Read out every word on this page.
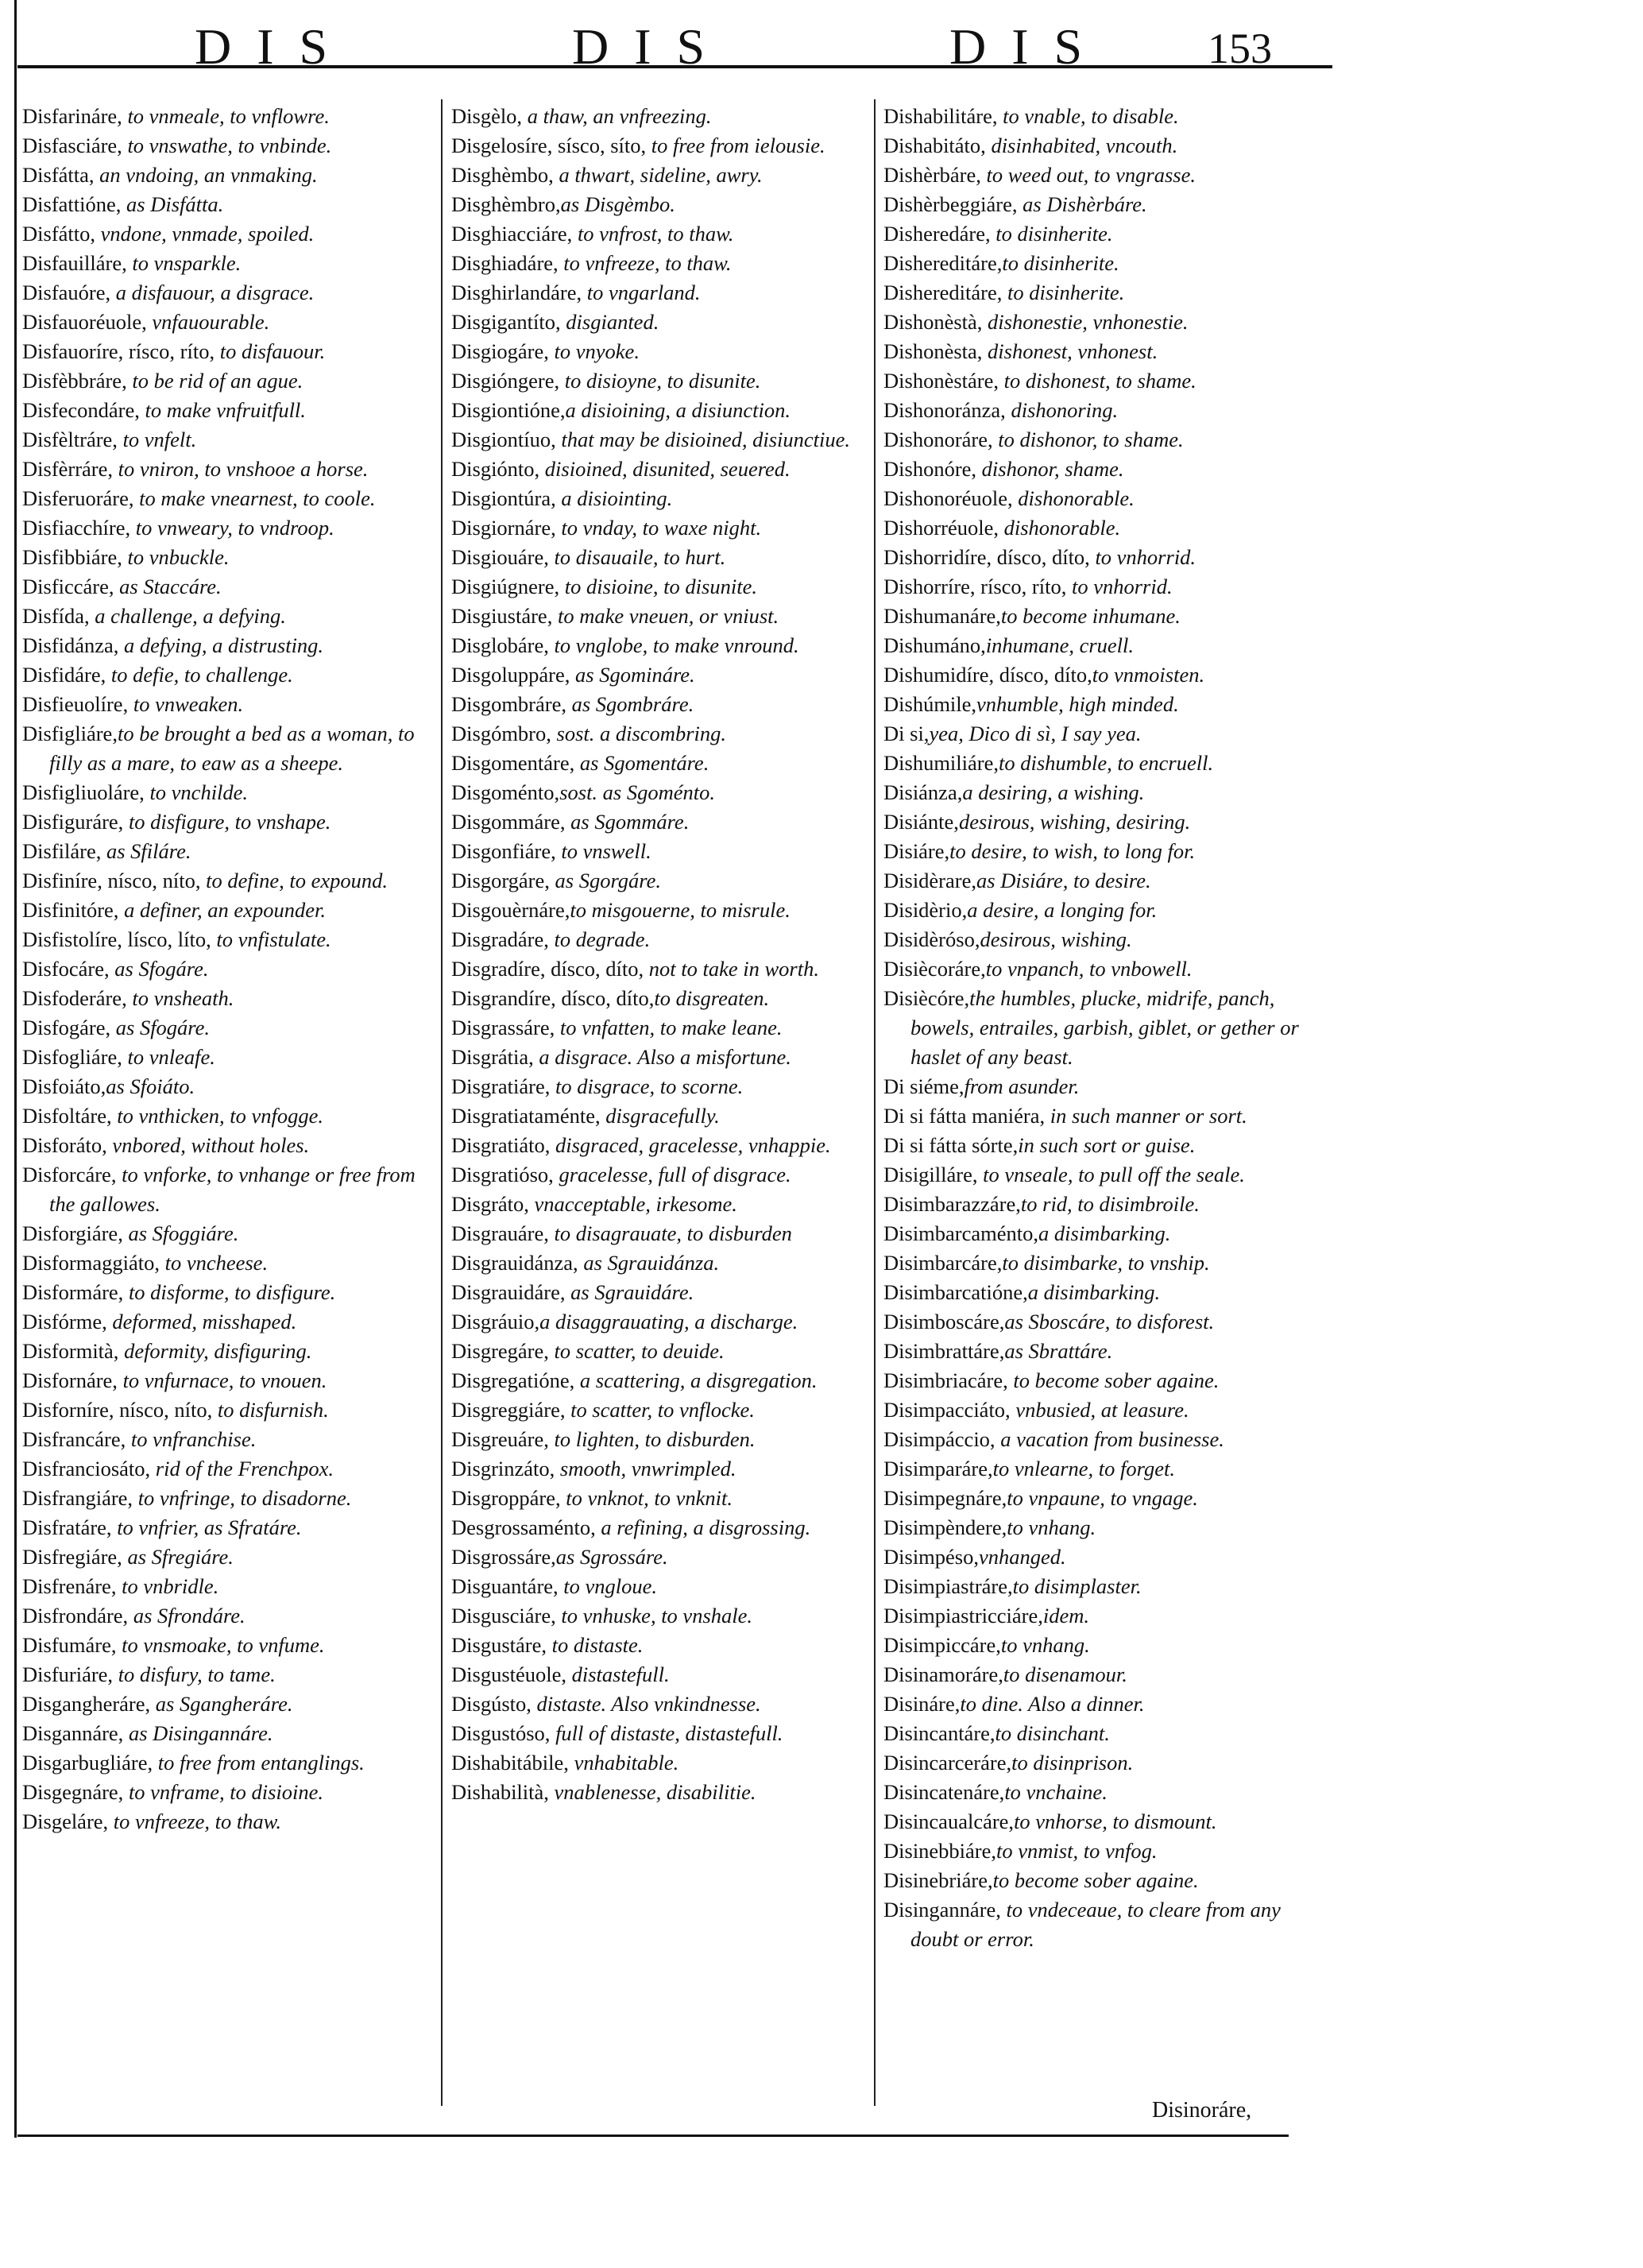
DIS	DIS	DIS 153
Disfarináre, to vnmeale, to vnflowre.
Disfasciáre, to vnswathe, to vnbinde.
Disfátta, an vndoing, an vnmaking.
Disfattióne, as Disfátta.
Disfátto, vndone, vnmade, spoiled.
Disfauilláre, to vnsparkle.
Disfauóre, a disfauour, a disgrace.
Disfauoréuole, vnfauourable.
Disfauoríre, rísco, ríto, to disfauour.
Disfèbbráre, to be rid of an ague.
Disfecondáre, to make vnfruitfull.
Disfèltráre, to vnfelt.
Disfèrráre, to vniron, to vnshooe a horse.
Disferuoráre, to make vnearnest, to coole.
Disfiacchíre, to vnweary, to vndroop.
Disfibbiáre, to vnbuckle.
Disficcáre, as Staccáre.
Disfída, a challenge, a defying.
Disfidánza, a defying, a distrusting.
Disfidáre, to defie, to challenge.
Disfieuolíre, to vnweaken.
Disfigliáre,to be brought a bed as a woman, to filly as a mare, to eaw as a sheepe.
Disfigliuoláre, to vnchilde.
Disfiguráre, to disfigure, to vnshape.
Disfiláre, as Sfiláre.
Disfiníre, nísco, níto, to define, to expound.
Disfinitóre, a definer, an expounder.
Disfistolíre, lísco, líto, to vnfistulate.
Disfocáre, as Sfogáre.
Disfoderáre, to vnsheath.
Disfogáre, as Sfogáre.
Disfogliáre, to vnleafe.
Disfoiáto,as Sfoiáto.
Disfoltáre, to vnthicken, to vnfogge.
Disforáto, vnbored, without holes.
Disforcáre, to vnforke, to vnhange or free from the gallowes.
Disforgiáre, as Sfoggiáre.
Disformaggiáto, to vncheese.
Disformáre, to disforme, to disfigure.
Disfórme, deformed, misshaped.
Disformità, deformity, disfiguring.
Disfornáre, to vnfurnace, to vnouen.
Disforníre, nísco, níto, to disfurnish.
Disfrancáre, to vnfranchise.
Disfranciosáto, rid of the Frenchpox.
Disfrangiáre, to vnfringe, to disadorne.
Disfratáre, to vnfrier, as Sfratáre.
Disfregiáre, as Sfregiáre.
Disfrenáre, to vnbridle.
Disfrondáre, as Sfrondáre.
Disfumáre, to vnsmoake, to vnfume.
Disfuriáre, to disfury, to tame.
Disgangheráre, as Sgangheráre.
Disgannáre, as Disingannáre.
Disgarbugliáre, to free from entanglings.
Disgegnáre, to vnframe, to disioine.
Disgeláre, to vnfreeze, to thaw.
Disgèlo, a thaw, an vnfreezing.
Disgelosíre, sísco, síto, to free from ielousie.
Disghèmbo, a thwart, sideline, awry.
Disghèmbro,as Disgèmbo.
Disghiacciáre, to vnfrost, to thaw.
Disghiadáre, to vnfreeze, to thaw.
Disghirlandáre, to vngarland.
Disgigantíto, disgianted.
Disgiogáre, to vnyoke.
Disgióngere, to disioyne, to disunite.
Disgiontióne,a disioining, a disiunction.
Disgiontíuo, that may be disioined, disiunctiue.
Disgiónto, disioined, disunited, seuered.
Disgiontúra, a disiointing.
Disgiornáre, to vnday, to waxe night.
Disgiouáre, to disauaile, to hurt.
Disgiúgnere, to disioine, to disunite.
Disgiustáre, to make vneuen, or vniust.
Disglobáre, to vnglobe, to make vnround.
Disgoluppáre, as Sgomináre.
Disgombráre, as Sgombráre.
Disgómbro, sost. a discombring.
Disgomentáre, as Sgomentáre.
Disgoménto,sost. as Sgoménto.
Disgommáre, as Sgommáre.
Disgonfiáre, to vnswell.
Disgorgáre, as Sgorgáre.
Disgouèrnáre,to misgouerne, to misrule.
Disgradáre, to degrade.
Disgradíre, dísco, díto, not to take in worth.
Disgrandíre, dísco, díto,to disgreaten.
Disgrassáre, to vnfatten, to make leane.
Disgrátia, a disgrace. Also a misfortune.
Disgratiáre, to disgrace, to scorne.
Disgratiataménte, disgracefully.
Disgratiáto, disgraced, gracelesse, vnhappie.
Disgratiósο, gracelesse, full of disgrace.
Disgráto, vnacceptable, irkesome.
Disgrauáre, to disagrauate, to disburden
Disgrauidánza, as Sgrauidánza.
Disgrauidáre, as Sgrauidáre.
Disgráuio,a disaggrauating, a discharge.
Disgregáre, to scatter, to deuide.
Disgregatióne, a scattering, a disgregation.
Disgreggiáre, to scatter, to vnflocke.
Disgreuáre, to lighten, to disburden.
Disgrinzáto, smooth, vnwrimpled.
Disgroppáre, to vnknot, to vnknit.
Desgrossaménto, a refining, a disgrossing.
Disgrossáre,as Sgrossáre.
Disguantáre, to vngloue.
Disgusciáre, to vnhuske, to vnshale.
Disgustáre, to distaste.
Disgustéuole, distastefull.
Disgústo, distaste. Also vnkindnesse.
Disgustóso, full of distaste, distastefull.
Dishabitábile, vnhabitable.
Dishabilità, vnablenesse, disabilitie.
Dishabilitáre, to vnable, to disable.
Dishabitáto, disinhabited, vncouth.
Dishèrbáre, to weed out, to vngrasse.
Dishèrbeggiáre, as Dishèrbáre.
Disheredáre, to disinherite.
Dishereditáre,to disinherite.
Dishereditáre, to disinherite.
Dishonèstà, dishonestie, vnhonestie.
Dishonèsta, dishonest, vnhonest.
Dishonèstáre, to dishonest, to shame.
Dishonoránza, dishonoring.
Dishonoráre, to dishonor, to shame.
Dishonóre, dishonor, shame.
Dishonoréuole, dishonorable.
Dishorréuole, dishonorable.
Dishorridíre, dísco, díto, to vnhorrid.
Dishorríre, rísco, ríto, to vnhorrid.
Dishumanáre,to become inhumane.
Dishumáno,inhumane, cruell.
Dishumidíre, dísco, díto,to vnmoisten.
Dishúmile,vnhumble, high minded.
Di si,yea, Dico di sì, I say yea.
Dishumiliáre,to dishumble, to encruell.
Disiánza,a desiring, a wishing.
Disiánte,desirous, wishing, desiring.
Disiáre,to desire, to wish, to long for.
Disidèrare,as Disiáre, to desire.
Disidèrio,a desire, a longing for.
Disidèróso,desirous, wishing.
Disiècoráre,to vnpanch, to vnbowell.
Disiècóre,the humbles, plucke, midrife, panch, bowels, entrailes, garbish, giblet, or gether or haslet of any beast.
Di siéme,from asunder.
Di si fátta maniéra, in such manner or sort.
Di si fátta sórte,in such sort or guise.
Disigilláre, to vnseale, to pull off the seale.
Disimbarazzáre,to rid, to disimbroile.
Disimbarcaménto,a disimbarking.
Disimbarcáre,to disimbarke, to vnship.
Disimbarcatióne,a disimbarking.
Disimboscáre,as Sboscáre, to disforest.
Disimbrattáre,as Sbrattáre.
Disimbriacáre, to become sober againe.
Disimpacciáto, vnbusied, at leasure.
Disimpáccio, a vacation from businesse.
Disimparáre,to vnlearne, to forget.
Disimpegnáre,to vnpaune, to vngage.
Disimpèndere,to vnhang.
Disimpéso,vnhanged.
Disimpiastráre,to disimplaster.
Disimpiastricciáre,idem.
Disimpiccáre,to vnhang.
Disinamoráre,to disenamour.
Disináre,to dine. Also a dinner.
Disincantáre,to disinchant.
Disincarceráre,to disinprison.
Disincatenáre,to vnchaine.
Disincaualcáre,to vnhorse, to dismount.
Disinebbiáre,to vnmist, to vnfog.
Disinebriáre,to become sober againe.
Disingannáre, to vndeceaue, to cleare from any doubt or error.
Disinoráre,
